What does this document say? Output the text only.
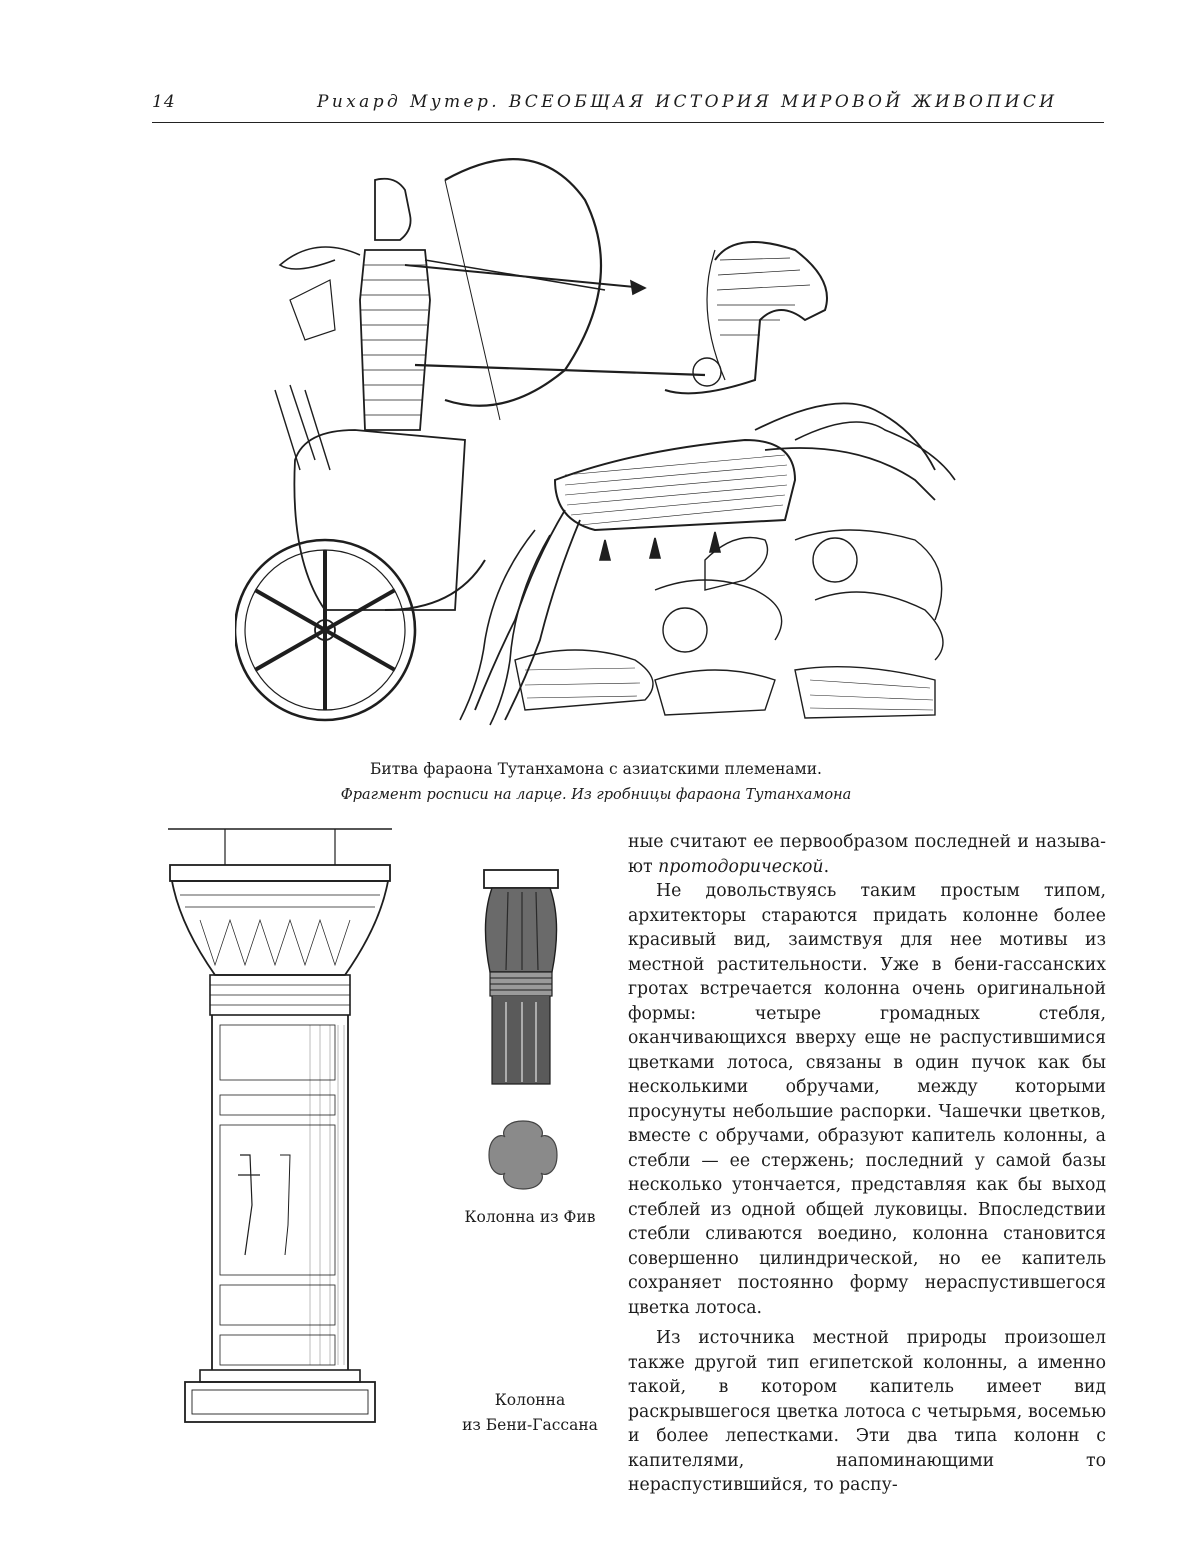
14	Рихард Мутер. ВСЕОБЩАЯ ИСТОРИЯ МИРОВОЙ ЖИВОПИСИ
Битва фараона Тутанхамона с азиатскими племенами.
Фрагмент росписи на ларце. Из гробницы фараона Тутанхамона
Колонна из Фив
Колонна
из Бени-Гассана

ные считают ее первообразом последней и называ-ют протодорической.

Не довольствуясь таким простым типом, архитекторы стараются придать колонне более красивый вид, заимствуя для нее мотивы из местной растительности. Уже в бени-гассанских гротах встречается колонна очень оригинальной формы: четыре громадных стебля, оканчивающихся вверху еще не распустившимися цветками лотоса, связаны в один пучок как бы несколькими обручами, между которыми просунуты небольшие распорки. Чашечки цветков, вместе с обручами, образуют капитель колонны, а стебли — ее стержень; последний у самой базы несколько утончается, представляя как бы выход стеблей из одной общей луковицы. Впоследствии стебли сливаются воедино, колонна становится совершенно цилиндрической, но ее капитель сохраняет постоянно форму нераспустившегося цветка лотоса.

Из источника местной природы произошел также другой тип египетской колонны, а именно такой, в котором капитель имеет вид раскрывшегося цветка лотоса с четырьмя, восемью и более лепестками. Эти два типа колонн с капителями, напоминающими то нераспустившийся, то распу-
